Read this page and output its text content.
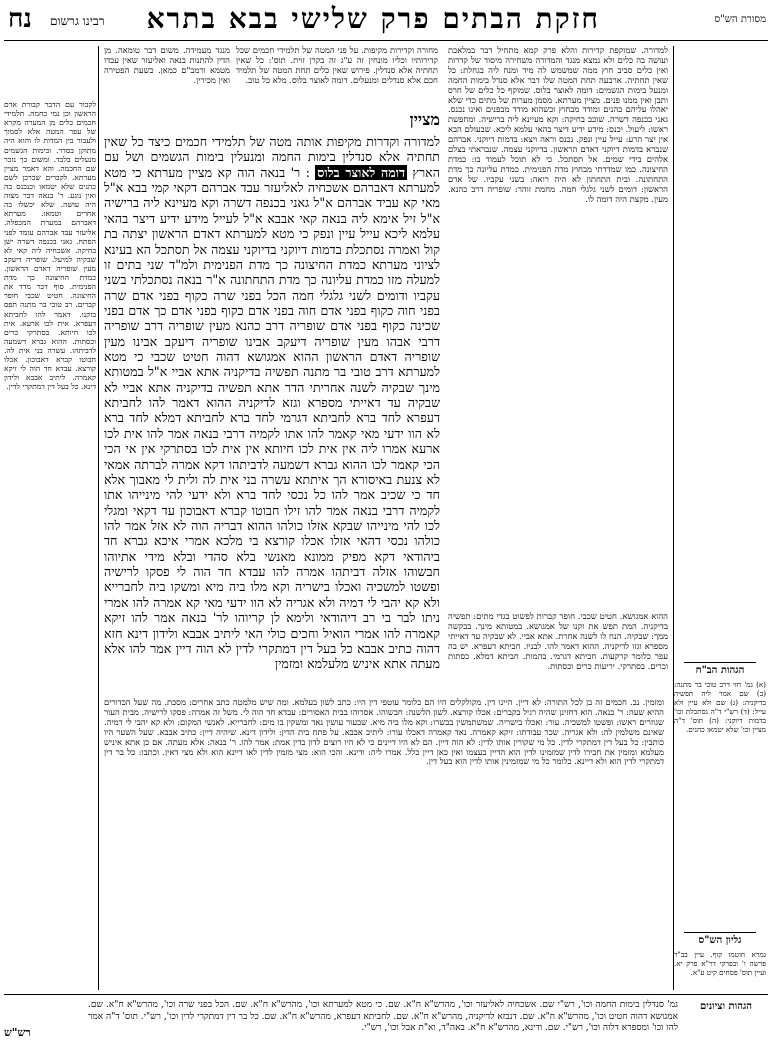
נח רבינו גרשום חזקת הבתים פרק שלישי בבא בתרא	מסורת הש"ס
הגהות הב"ח
(א) גמ' חזי דרב טובי בר מתנה: (ב) שם אמר ליה תפשיה בדיקניה: (ג) שם ולא עיין ולא עייל: (ד) רש"י ד"ה נסתכלת וכו' בדמות דיוקני: (ה) תוס' ד"ה מציין וכו' שלא יטמאו כהנים.
גליון הש"ס
גמרא חוטמו קוף. עיין בב"ר פרשה ו' ובפרקי דר"א פרק יא. ועיין תוס' פסחים קיט ע"א.
למדורה. שמוקפת קדירות והלא פרק קמא מתחיל דבר במלאכת ועושה בה כלים ולא נמצא מנגד והמדורה משחירה מיסוד של קדרות ואין כלים סביב חוץ ממה שמשמש לה מיד ומנח ליה בגחלת: כל שאין תחתיה. ארבעה תחת המטה שלו דבר אלא סנדל בימות החמה ומנעל בימות הגשמים: דומה לאוצר בלוס. שמוקף כל כלים של חרס ותבן ואין ממנו פנים. מציין מערתא. מסמן מערות של מתים כדי שלא יאהלו עליהם כהנים ומודד מבחוץ וכשהוא מודד מבפנים ואינו נכנס. גאני בכנפה דשרה. שוכב בחיקה: וקא מעיינא ליה ברישיה. ומחפשת ראשו: ליעול. יכנס: מידע ידיע דיצר בהאי עלמא ליכא. שבעולם הבא אין יצר הרע: עייל עיין ונפק. נכנס וראה ויצא: בדמות דיוקני. אברהם שנברא בדמות דיוקני דאדם הראשון. בדיוקני עצמה. שנבראתי בצלם אלהים בידי שמים. אל תסתכל. כי לא תוכל לעמוד בו: כמדת החיצונה. כמו שמדדתי מבחוץ מדה הפנימית. כמדת עליונה כך מדת התחתונה. ובית התחתון לא היה רואה: בשני עקביו. של אדם הראשון: דומים לשני גלגלי חמה. מחמת זוהר: שופריה דרב כהנא. מעין. מקצת היה דומה לו.
מחורה וקדירות מקיפות. על פני המטה של תלמידי חכמים שכל קדירותיו וכליו מונחין זה ע"ג זה בקרן זוית. תוס': כל שאין תחתיה אלא סנדלין. פירוש שאין כלים תחת המטה של תלמיד חכם אלא סנדלים ומנעלים. דומה לאוצר בלוס. מלא כל טוב.
מנגד מעמידה. משום דבר טומאה. מן הדין להתנות בנאה ואליעזר שאין עבדו מטמא ורמב"ם כמאן. כשעת הפטירה ואין מכירין.
מציין
למדורה וקדרות מקיפות אותה מטה של תלמידי חכמים כיצד כל שאין תחתיה אלא סנדלין בימות החמה ומנעלין בימות הגשמים ושל עם הארץ דומה לאוצר בלוס : ר' בנאה הוה קא מציין מערתא כי מטא למערתא דאברהם אשכחיה לאליעזר עבד אברהם דקאי קמי בבא א"ל מאי קא עביד אברהם א"ל גאני בכנפה דשרה וקא מעיינא ליה ברישיה א"ל זיל אימא ליה בנאה קאי אבבא א"ל לעייל מידע ידיע דיצר בהאי עלמא ליכא עייל עיין ונפק כי מטא למערתא דאדם הראשון יצתה בת קול ואמרה נסתכלת בדמות דיוקני בדיוקני עצמה אל תסתכל הא בעינא לציוני מערתא כמדת החיצונה כך מדת הפנימית ולמ"ד שני בתים זו למעלה מזו כמדת עליונה כך מדת התחתונה א"ר בנאה נסתכלתי בשני עקביו ודומים לשני גלגלי חמה הכל בפני שרה כקוף בפני אדם שרה בפני חוה כקוף בפני אדם חוה בפני אדם כקוף בפני אדם כך אדם בפני שכינה כקוף בפני אדם שופריה דרב כהנא מעין שופריה דרב שופריה דרבי אבהו מעין שופריה דיעקב אבינו שופריה דיעקב אבינו מעין שופריה דאדם הראשון ההוא אמגושא דהוה חטיט שכבי כי מטא למערתא דרב טובי בר מתנה תפשיה בדיקניה אתא אביי א"ל במטותא מינך שבקיה לשנה אחריתי הדר אתא תפשיה בדיקניה אתא אביי לא שבקיה עד דאייתי מספרא וגזא לדיקניה ההוא דאמר להו לחביתא דעפרא לחד ברא לחביתא דגרמי לחד ברא לחביתא דמלא לחד ברא לא הוו ידעי מאי קאמר להו אתו לקמיה דרבי בנאה אמר להו אית לכו ארעא אמרו ליה אין אית לכו חיותא אין אית לכו בסתרקי אין אי הכי הכי קאמר לכו ההוא גברא דשמעה לדביתהו דקא אמרה לברתה אמאי לא צנעת באיסורא הך איתתא עשרה בני אית לה ולית לי מאבוך אלא חד כי שכיב אמר להו כל נכסי לחד ברא ולא ידעי להי מינייהו אתו לקמיה דרבי בנאה אמר להו זילו חבוטו קברא דאבוכון עד דקאי ומגלי לכו להי מינייהו שבקא אזלו כולהו ההוא דבריה הוה לא אזל אמר להו כולהו נכסי דהאי אזלו אכלו קורצא בי מלכא אמרי איכא גברא חד ביהודאי דקא מפיק ממונא מאנשי בלא סהדי ובלא מידי אתיוהו חבשוהו אזלה דביתהו אמרה להו עבדא חד הוה לי פסקו לרישיה ופשטו למשכיה ואכלו בישריה וקא מלו ביה מיא ומשקו ביה לחברייא ולא קא יהבי לי דמיה ולא אגריה לא הוו ידעי מאי קא אמרה להו אמרי ניתו לבר בי רב דיהודאי ולימא לן קריוהו לר' בנאה אמר להו זיקא קאמרה להו אמרי הואיל וחכים כולי האי ליתיב אבבא ולידון דינא חזא דהוה כתיב אבבא כל בעל דין דמתקרי לדין לא הוה דיין אמר להו אלא מעתה אתא איניש מלעלמא ומזמין
ההוא אמגושא. חטיט שכבי. חופר קברות לפשוט בגדי מתים: תפשיה בדיקניה. המת תפש את זקנו של אמגושא. במטותא מינך. בבקשה ממך: שבקיה. הנח לו לשנה אחרת. אתא אביי. לא שבקיה עד דאייתי מספרא וגזו לדיקניה. ההוא דאמר להו. לבניו. חביתא דעפרא. יש בה עפר כלומר קרקעות. חביתא דגרמי. בהמות. חביתא דמלא. כסתות וכרים. בסתרקי. יריעות כרים וכסתות.
לקבור עם הדבר קבורת אדם הראשון וכן נמי כחמה. תלמידי חכמים כלים מן המערה מקרא של עפר המטה אלא לסמוך ולעבור בין המדות לו והוא היה מתוקן בסדר. ובימות הגשמים מנעלים בלבד. ומשום כך נזכר שם החכמה. והא דאמר מציין מערתא. לקברים שכרכן לשם כהנים שלא יטמאו וכנכנס בה ואין נוגע. ר' בנאה דבר מצוה היה עושה. שלא יכשלו בה אחרים וטמאו. מערתא דאברהם במערת המכפלה. אליעזר עבד אברהם עומד לפני הפתח. גאני בכנפה דשרה ישן בחיקה. אשכחיה ליה קאי לא שבקיה למיעל. שופריה דיעקב מעין שופריה דאדם הראשון. כמדת החיצונה כך מדת הפנימית. סוף דבר מדד את החיצונה. חטיט שכבי חופר קברים. רב טובי בר מתנה תפס בזקנו. דאמר להו לחביתא דעפרא. אית לכו ארעא. אית לכו חיותא. בסתרקי כרים וכסתות. ההוא גברא דשמעה לדביתהו. עשרה בני אית לה. חבוטו קברא דאבוכון. אכלו קורצא. עבדא חד הוה לי זיקא קאמרה. ליתיב אבבא ולידון דינא. כל בעל דין דמתקרי לדין.
ומזמין. נב. חכמים זה בן לכל התורה: לא דיין. היינו דין. מקולקלים היו הם כלומר עוטפי דין היו: כתב לשון בעלמא. ומה שיש מלמטה כתב אחרים: מסכת. מה שעל הכדורים ההיא שעה: ר' בנאה. הוא דחזינן שהיה רגיל בקברים: אכלו קורצא. לשון הלשנה: חבשוהו. אסרוהו בבית האסורים: עבדא חד הוה לי. משל זה אמרה: פסקו לרישיה. מבית העור שגוזרים ראשו: ופשטו למשכיה. עור: ואכלו בישריה. שמשתמשין בבשרו: וקא מלו ביה מיא. שבעור עושין נאד ומשקין בו מים: לחברייא. לאנשי המקום: ולא קא יהבי לי דמיה. שאינם משלמין לה: ולא אגריה. שכר עבודתו: זיקא קאמרה. נאד קאמרה דאכלו עורו: ליתיב אבבא. על פתח בית הדין: ולידון דינא. שיהיה דיין: כתיב אבבא. שעל השער היו כותבין: כל בעל דין דמתקרי לדין. כל מי שקורין אותו לדין: לא הוה דיין. הם לא היו דיינים כי לא היו רוצים לדון בדין אמת: אמר להו. ר' בנאה: אלא מעתה. אם כן אתא איניש מעלמא ומזמין את חבירו לדין שמזמינו לדין הוא הדיין בעצמו ואין כאן דיין כלל. אמרו ליה: ודינא. והכי הוא: מצי מזמין לדין לאו דיינא הוא ולא מצי דאין. וכתבו: כל בר דין דמתקרי לדין הוא ולא דיינא. כלומר כל מי שמזמינין אותו לדין הוא בעל דין.
הגהות וציונים
גמ' סנדלין בימות החמה וכו', רש"י שם. אשכחיה לאליעזר וכו', מהרש"א ח"א. שם. כי מטא למערתא וכו', מהרש"א ח"א. שם. הכל בפני שרה וכו', מהרש"א ח"א. שם. אמגושא דהוה חטיט וכו', מהרש"א ח"א. שם. דנבזא לדיקניה, מהרש"א ח"א. שם. לחביתא דעפרא, מהרש"א ח"א. שם. כל בר דין דמתקרי לדין וכו', רש"י. תוס' ד"ה אמר להו וכו' ומספרא דלוה וכו', רש"י. שם. ודינא, מהרש"א ח"א. באה"ד, וא"ת אבל וכו', רש"י.
רש"ש
